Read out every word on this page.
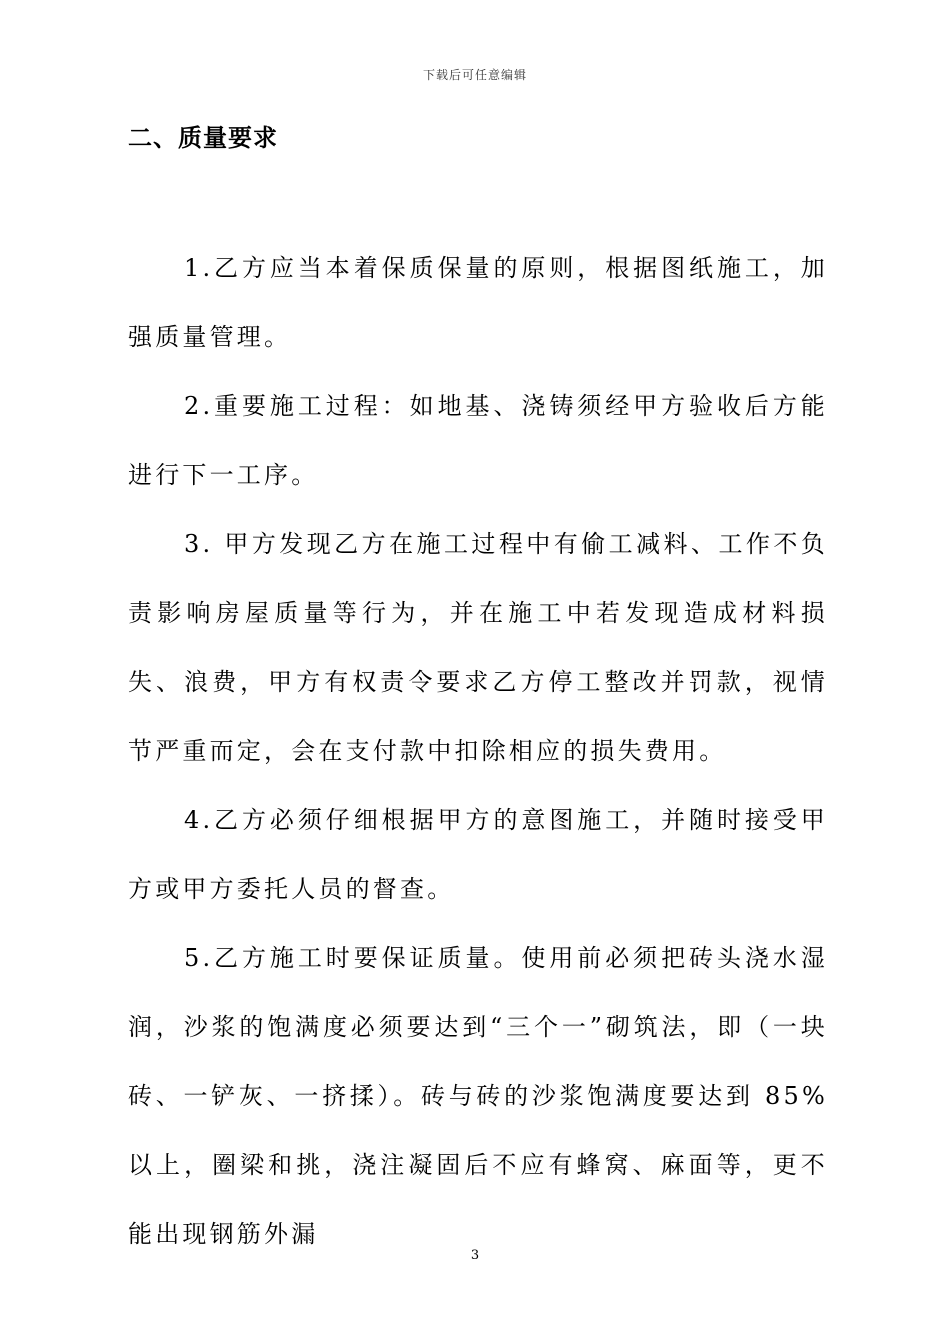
下载后可任意编辑
二、质量要求

1.乙方应当本着保质保量的原则，根据图纸施工，加强质量管理。

2.重要施工过程：如地基、浇铸须经甲方验收后方能进行下一工序。

3. 甲方发现乙方在施工过程中有偷工减料、工作不负责影响房屋质量等行为，并在施工中若发现造成材料损失、浪费，甲方有权责令要求乙方停工整改并罚款，视情节严重而定，会在支付款中扣除相应的损失费用。

4.乙方必须仔细根据甲方的意图施工，并随时接受甲方或甲方委托人员的督查。

5.乙方施工时要保证质量。使用前必须把砖头浇水湿润，沙浆的饱满度必须要达到“三个一”砌筑法，即（一块砖、一铲灰、一挤揉）。砖与砖的沙浆饱满度要达到 85%以上，圈梁和挑，浇注凝固后不应有蜂窝、麻面等，更不能出现钢筋外漏

3
